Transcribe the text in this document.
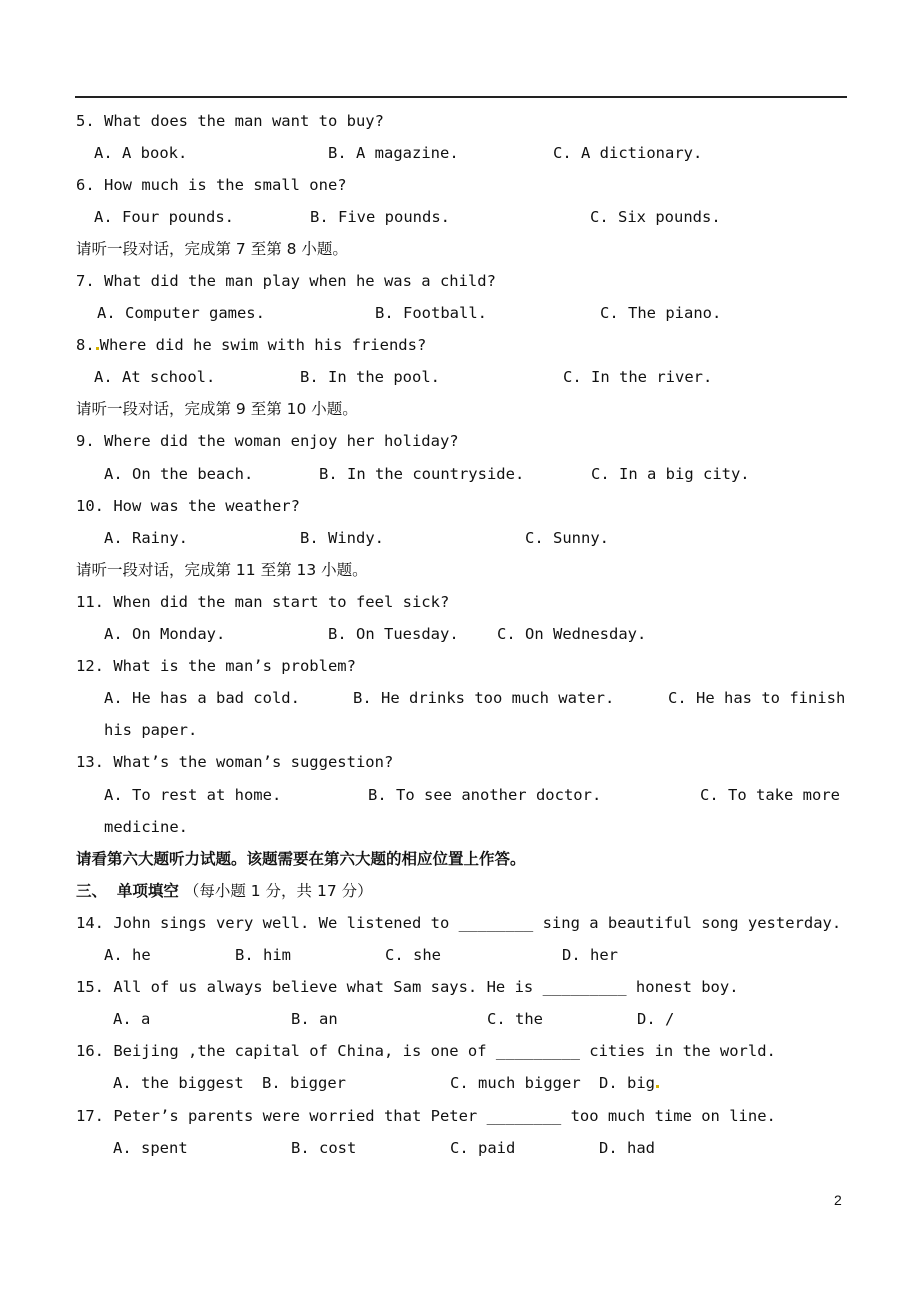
5. What does the man want to buy?
A. A book.	B. A magazine.	C. A dictionary.
6. How much is the small one?
A. Four pounds.	B. Five pounds.	C. Six pounds.
请听一段对话，完成第 7 至第 8 小题。
7. What did the man play when he was a child?
A. Computer games.	B. Football.	C. The piano.
8. Where did he swim with his friends?
A. At school.	B. In the pool.	C. In the river.
请听一段对话，完成第 9 至第 10 小题。
9. Where did the woman enjoy her holiday?
A. On the beach.	B. In the countryside.	C. In a big city.
10. How was the weather?
A. Rainy.	B. Windy.	C. Sunny.
请听一段对话，完成第 11 至第 13 小题。
11. When did the man start to feel sick?
A. On Monday.	B. On Tuesday. C. On Wednesday.
12. What is the man’s problem?
A. He has a bad cold.	B. He drinks too much water.	C. He has to finish
his paper.
13. What’s the woman’s suggestion?
A. To rest at home.	B. To see another doctor.	C. To take more
medicine.
请看第六大题听力试题。该题需要在第六大题的相应位置上作答。
三、 单项填空 （每小题 1 分，共 17 分）
14. John sings very well. We listened to ________ sing a beautiful song yesterday.
A. he	B. him	C. she	D. her
15. All of us always believe what Sam says. He is _________ honest boy.
A. a	B. an	C. the	D. /
16. Beijing ,the capital of China, is one of _________ cities in the world.
A. the biggest B. bigger	C. much bigger D. big
17. Peter’s parents were worried that Peter ________ too much time on line.
A. spent	B. cost	C. paid	D. had
2
